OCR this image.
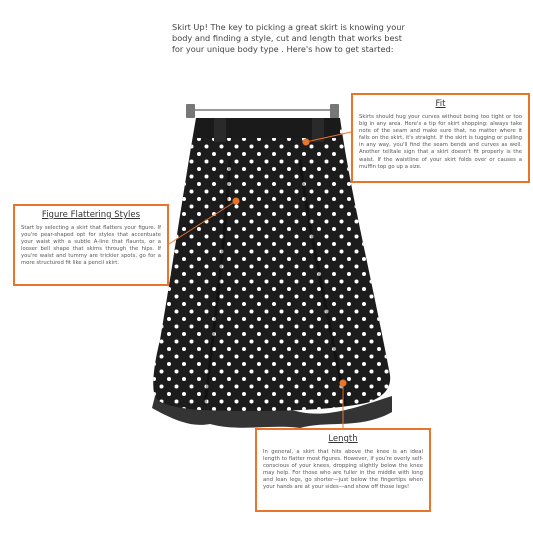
Skirt Up! The key to picking a great skirt is knowing your body and finding a style, cut and length that works best for your unique body type . Here's how to get started:

Fit

Skirts should hug your curves without being too tight or too big in any area. Here's a tip for skirt shopping: always take note of the seam and make sure that, no matter where it falls on the skirt, it's straight. If the skirt is tugging or pulling in any way, you'll find the seam bends and curves as well. Another telltale sign that a skirt doesn't fit properly is the waist. If the waistline of your skirt folds over or causes a muffin top go up a size.

Figure Flattering Styles

Start by selecting a skirt that flatters your figure. If you're pear-shaped opt for styles that accentuate your waist with a subtle A-line that flaunts, or a looser bell shape that skims through the hips. If you're waist and tummy are trickier spots, go for a more structured fit like a pencil skirt.

Length

In general, a skirt that hits above the knee is an ideal length to flatter most figures. However, if you're overly self-conscious of your knees, dropping slightly below the knee may help. For those who are fuller in the middle with long and lean legs, go shorter—just below the fingertips when your hands are at your sides—and show off those legs!
